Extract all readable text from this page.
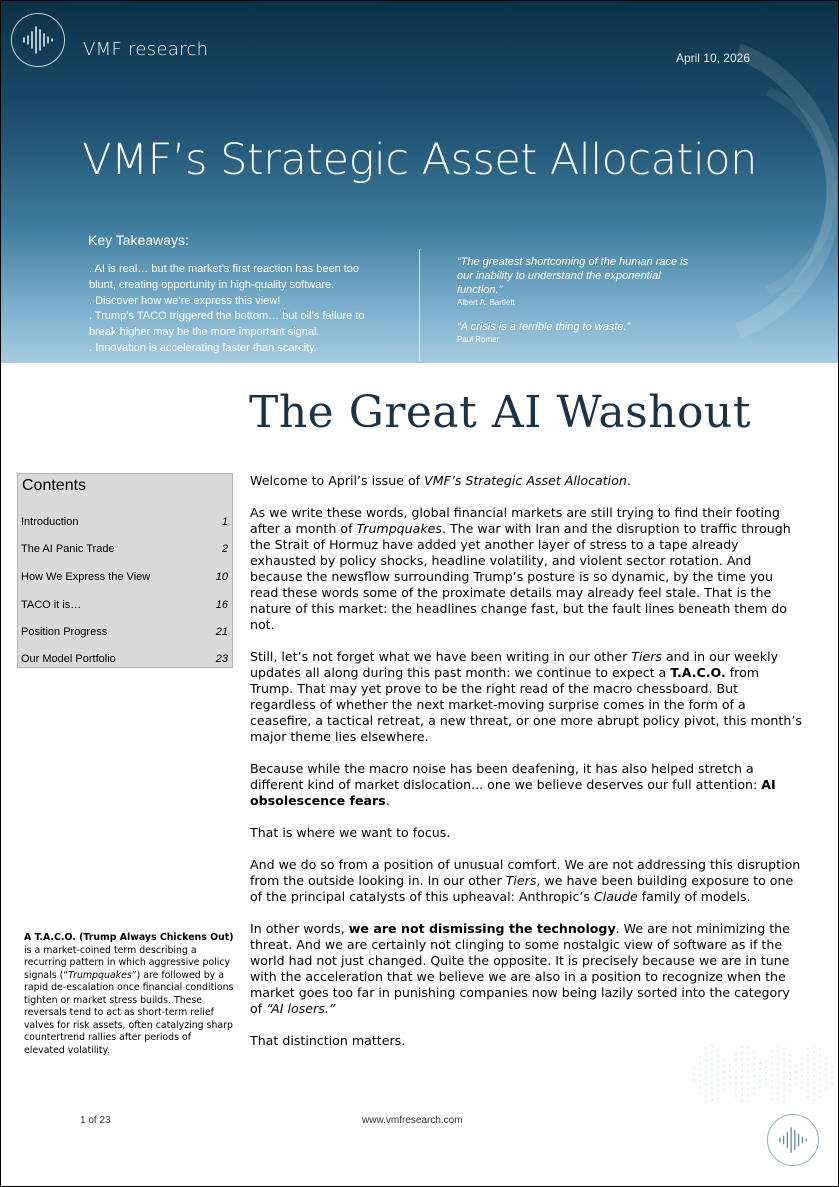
VMF research	April 10, 2026
VMF’s Strategic Asset Allocation
Key Takeaways:
. AI is real… but the market’s first reaction has been too
blunt, creating opportunity in high-quality software.
. Discover how we’re express this view!
. Trump’s TACO triggered the bottom… but oil’s failure to
break higher may be the more important signal.
. Innovation is accelerating faster than scarcity.
“The greatest shortcoming of the human race is our inability to understand the exponential function.”
Albert A. Bartlett
“A crisis is a terrible thing to waste.”
Paul Romer
The Great AI Washout
Contents
Introduction	1
The AI Panic Trade	2
How We Express the View	10
TACO it is…	16
Position Progress	21
Our Model Portfolio	23
A T.A.C.O. (Trump Always Chickens Out) is a market-coined term describing a recurring pattern in which aggressive policy signals (“Trumpquakes”) are followed by a rapid de-escalation once financial conditions tighten or market stress builds. These reversals tend to act as short-term relief valves for risk assets, often catalyzing sharp countertrend rallies after periods of elevated volatility.

Welcome to April’s issue of VMF’s Strategic Asset Allocation.

As we write these words, global financial markets are still trying to find their footing after a month of Trumpquakes. The war with Iran and the disruption to traffic through the Strait of Hormuz have added yet another layer of stress to a tape already exhausted by policy shocks, headline volatility, and violent sector rotation. And because the newsflow surrounding Trump’s posture is so dynamic, by the time you read these words some of the proximate details may already feel stale. That is the nature of this market: the headlines change fast, but the fault lines beneath them do not.

Still, let’s not forget what we have been writing in our other Tiers and in our weekly updates all along during this past month: we continue to expect a T.A.C.O. from Trump. That may yet prove to be the right read of the macro chessboard. But regardless of whether the next market-moving surprise comes in the form of a ceasefire, a tactical retreat, a new threat, or one more abrupt policy pivot, this month’s major theme lies elsewhere.

Because while the macro noise has been deafening, it has also helped stretch a different kind of market dislocation... one we believe deserves our full attention: AI obsolescence fears.

That is where we want to focus.

And we do so from a position of unusual comfort. We are not addressing this disruption from the outside looking in. In our other Tiers, we have been building exposure to one of the principal catalysts of this upheaval: Anthropic’s Claude family of models.

In other words, we are not dismissing the technology. We are not minimizing the threat. And we are certainly not clinging to some nostalgic view of software as if the world had not just changed. Quite the opposite. It is precisely because we are in tune with the acceleration that we believe we are also in a position to recognize when the market goes too far in punishing companies now being lazily sorted into the category of “AI losers.”

That distinction matters.

1 of 23	www.vmfresearch.com
